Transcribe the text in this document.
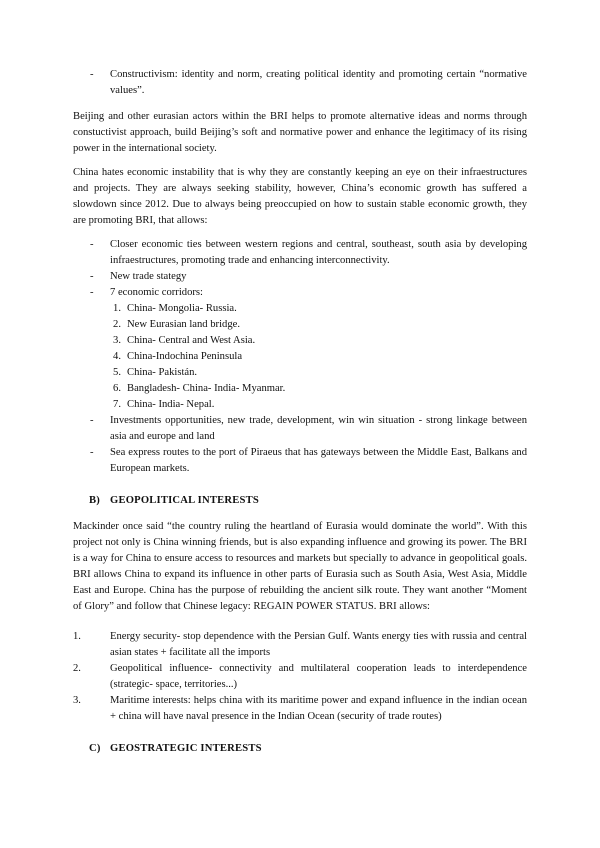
- Constructivism: identity and norm, creating political identity and promoting certain “normative values”.

Beijing and other eurasian actors within the BRI helps to promote alternative ideas and norms through constuctivist approach, build Beijing’s soft and normative power and enhance the legitimacy of its rising power in the international society.

China hates economic instability that is why they are constantly keeping an eye on their infraestructures and projects. They are always seeking stability, however, China’s economic growth has suffered a slowdown since 2012. Due to always being preoccupied on how to sustain stable economic growth, they are promoting BRI, that allows:

- Closer economic ties between western regions and central, southeast, south asia by developing infraestructures, promoting trade and enhancing interconnectivity.
- New trade stategy
- 7 economic corridors:
1. China- Mongolia- Russia.
2. New Eurasian land bridge.
3. China- Central and West Asia.
4. China-Indochina Peninsula
5. China- Pakistán.
6. Bangladesh- China- India- Myanmar.
7. China- India- Nepal.
- Investments opportunities, new trade, development, win win situation - strong linkage between asia and europe and land
- Sea express routes to the port of Piraeus that has gateways between the Middle East, Balkans and European markets.
B) GEOPOLITICAL INTERESTS

Mackinder once said “the country ruling the heartland of Eurasia would dominate the world”. With this project not only is China winning friends, but is also expanding influence and growing its power. The BRI is a way for China to ensure access to resources and markets but specially to advance in geopolitical goals. BRI allows China to expand its influence in other parts of Eurasia such as South Asia, West Asia, Middle East and Europe. China has the purpose of rebuilding the ancient silk route. They want another “Moment of Glory” and follow that Chinese legacy: REGAIN POWER STATUS. BRI allows:

1.	Energy security- stop dependence with the Persian Gulf. Wants energy ties with russia and central asian states + facilitate all the imports
2.	Geopolitical influence- connectivity and multilateral cooperation leads to interdependence (strategic- space, territories...)
3.	Maritime interests: helps china with its maritime power and expand influence in the indian ocean + china will have naval presence in the Indian Ocean (security of trade routes)
C) GEOSTRATEGIC INTERESTS
